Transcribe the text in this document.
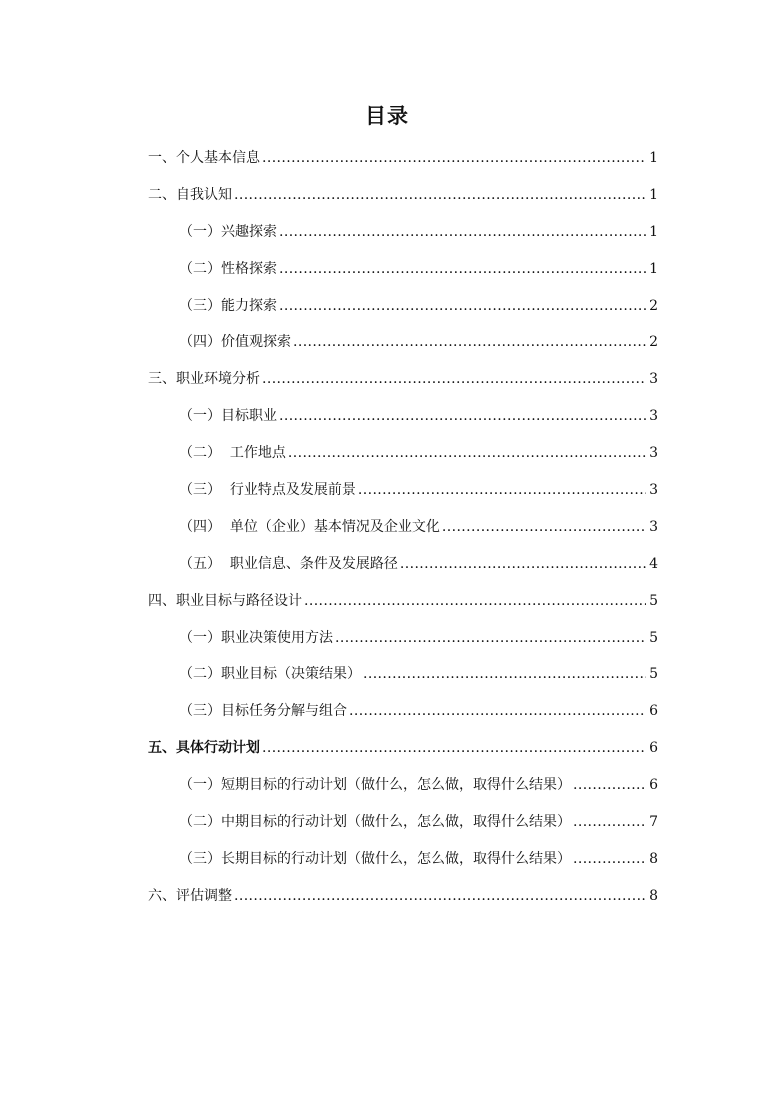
目录
一、个人基本信息 .....	1
二、自我认知 .....	1
（一）兴趣探索 .....	1
（二）性格探索 .....	1
（三）能力探索 .....	2
（四）价值观探索 .....	2
三、职业环境分析 .....	3
（一）目标职业 .....	3
（二）  工作地点 .....	3
（三）  行业特点及发展前景 .....	3
（四）  单位（企业）基本情况及企业文化 .....	3
（五）  职业信息、条件及发展路径 .....	4
四、职业目标与路径设计 .....	5
（一）职业决策使用方法 .....	5
（二）职业目标（决策结果） .....	5
（三）目标任务分解与组合 .....	6
五、具体行动计划 .....	6
（一）短期目标的行动计划（做什么，怎么做，取得什么结果） .....	6
（二）中期目标的行动计划（做什么，怎么做，取得什么结果） .....	7
（三）长期目标的行动计划（做什么，怎么做，取得什么结果） .....	8
六、评估调整 .....	8
